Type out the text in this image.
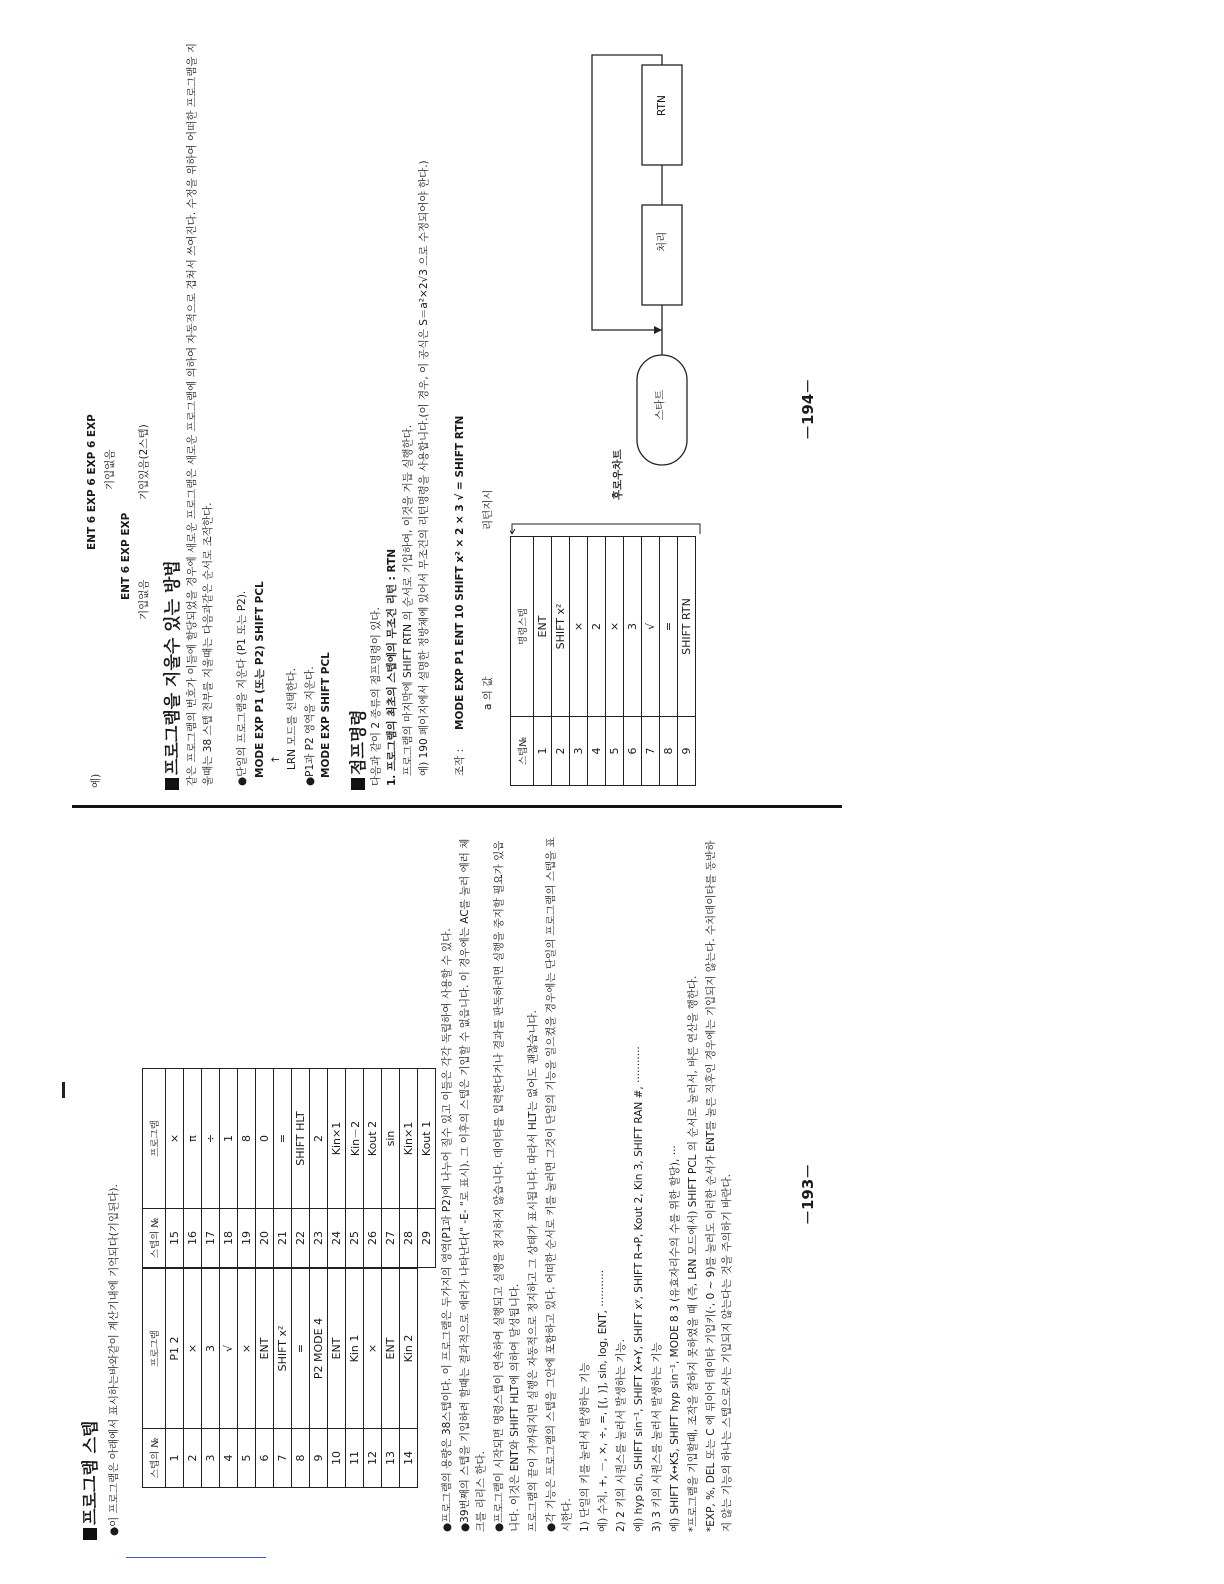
프로그램 스텝 ●이 프로그램은 아래에서 표시하는바와같이 계산기내에 기억되다(기입된다).	스텝의 №	프로그램
1	P1 2
2	×
3	3
4	√
5	×
6	ENT
7	SHIFT x²
8	=
9	P2 MODE 4
10	ENT
11	Kin 1
12	×
13	ENT
14	Kin 2
스텝의 №	프로그램
15	×
16	π
17	÷
18	1
19	8
20	0
21	=
22	SHIFT HLT
23	2
24	Kin×1
25	Kin－2
26	Kout 2
27	sin
28	Kin×1
29	Kout 1 ●프로그램의 용량은 38스텝이다. 이 프로그램은 두가지의 영역(P1과 P2)에 나누어 질수 있고 이들은 각각 독립하여 사용할 수 있다. ●39번째의 스텝을 기입하려 할때는 결과적으로 에러가 나타난다(" -E- "로 표시). 그 이후의 스텝은 기입할 수 없읍니다. 이 경우에는 AC를 눌러 에러 체크를 리리스 한다. ●프로그램이 시작되면 명령스텝이 연속하여 실행되고 실행을 정지하지 않습니다. 데이타를 입력한다거나 결과를 판독하려면 실행을 중지할 필요가 있읍니다. 이것은 ENT와 SHIFT HLT에 의하여 달성됩니다. 프로그램의 끝이 가까워지면 실행은 자동적으로 정지하고 그 상태가 표시됩니다. 따라서 HLT는 없어도 괜찮습니다. ●각 기능은 프로그램의 스텝을 그안에 포함하고 있다. 어떠한 순서로 키를 눌러면 그것이 단일의 기능을 일으켰을 경우에는 단일의 프로그램의 스텝을 표시한다. 1) 단일의 키를 눌러서 발생하는 기능 예) 수치, +, －, ×, ÷, =, [(, )], sin, log, ENT, ··········· 2) 2 키의 시퀀스를 눌러서 발생하는 기능. 예) hyp sin, SHIFT sin⁻¹, SHIFT X↔Y, SHIFT xʸ, SHIFT R→P, Kout 2, Kin 3, SHIFT RAN #, ··········· 3) 3 키의 시퀀스를 눌러서 발생하는 기능 예) SHIFT X↔K5, SHIFT hyp sin⁻¹, MODE 8 3 (유효자리수의 수를 위한 할당), ··· *프로그램을 기입할때, 조작을 잘하지 못하였을 때 (즉, LRN 모드에서) SHIFT PCL 의 순서로 눌러서, 바른 연산을 행한다. *EXP, %, DEL 또는 C 에 뒤이어 데이타 기입키(·, 0 ~ 9)를 눌러도 이러한 순서가 ENT를 눌른 직후인 경우에는 기입되지 않는다. 수치데이타를 동반하지 않는 기능의 하나는 스텝으로서는 기입되지 않는다는 것을 주의하기 바란다.	－193－
예)
ENT 6 EXP 6 EXP 6 EXP 기입없음
ENT 6 EXP EXP 기입없음
기입있음(2스텝)
프로그램을 지울수 있는 방법 같은 프로그램의 번호가 이들에 할당되었을 경우에 새로운 프로그램은 새로운 프로그램에 의하여 자동적으로 겹쳐서 쓰여진다. 수정을 위하여 어떠한 프로그램을 지울때는 38 스텝 전부를 지울때는 다음과같은 순서로 조작한다. ●단일의 프로그램을 지운다 (P1 또는 P2). MODE EXP P1 (또는 P2) SHIFT PCL ↑ LRN 모드를 선택한다. ●P1과 P2 영역을 지운다. MODE EXP SHIFT PCL 점프명령 다음과 같이 2 종류의 점프명령이 있다. 1. 프로그램의 최초의 스텝에의 무조건 리턴 : RTN 프로그램의 마지막에 SHIFT RTN 의 순서로 기입하여, 이것을 거듭 실행한다. 예) 190 페이지에서 설명한 정방체에 있어서 무조건의 리턴명령을 사용합니다.(이 경우, 이 공식은 S＝a²×2√3 으로 수정되어야 한다.) 조작 :
MODE EXP P1 ENT 10 SHIFT x² × 2 × 3 √ = SHIFT RTN a 의 값
리턴지시
스텝№	명령스텝
1	ENT
2	SHIFT x²
3	×
4	2
5	×
6	3
7	√
8	=
9	SHIFT RTN
후로우차트
스타트
처리
RTN
－194－
